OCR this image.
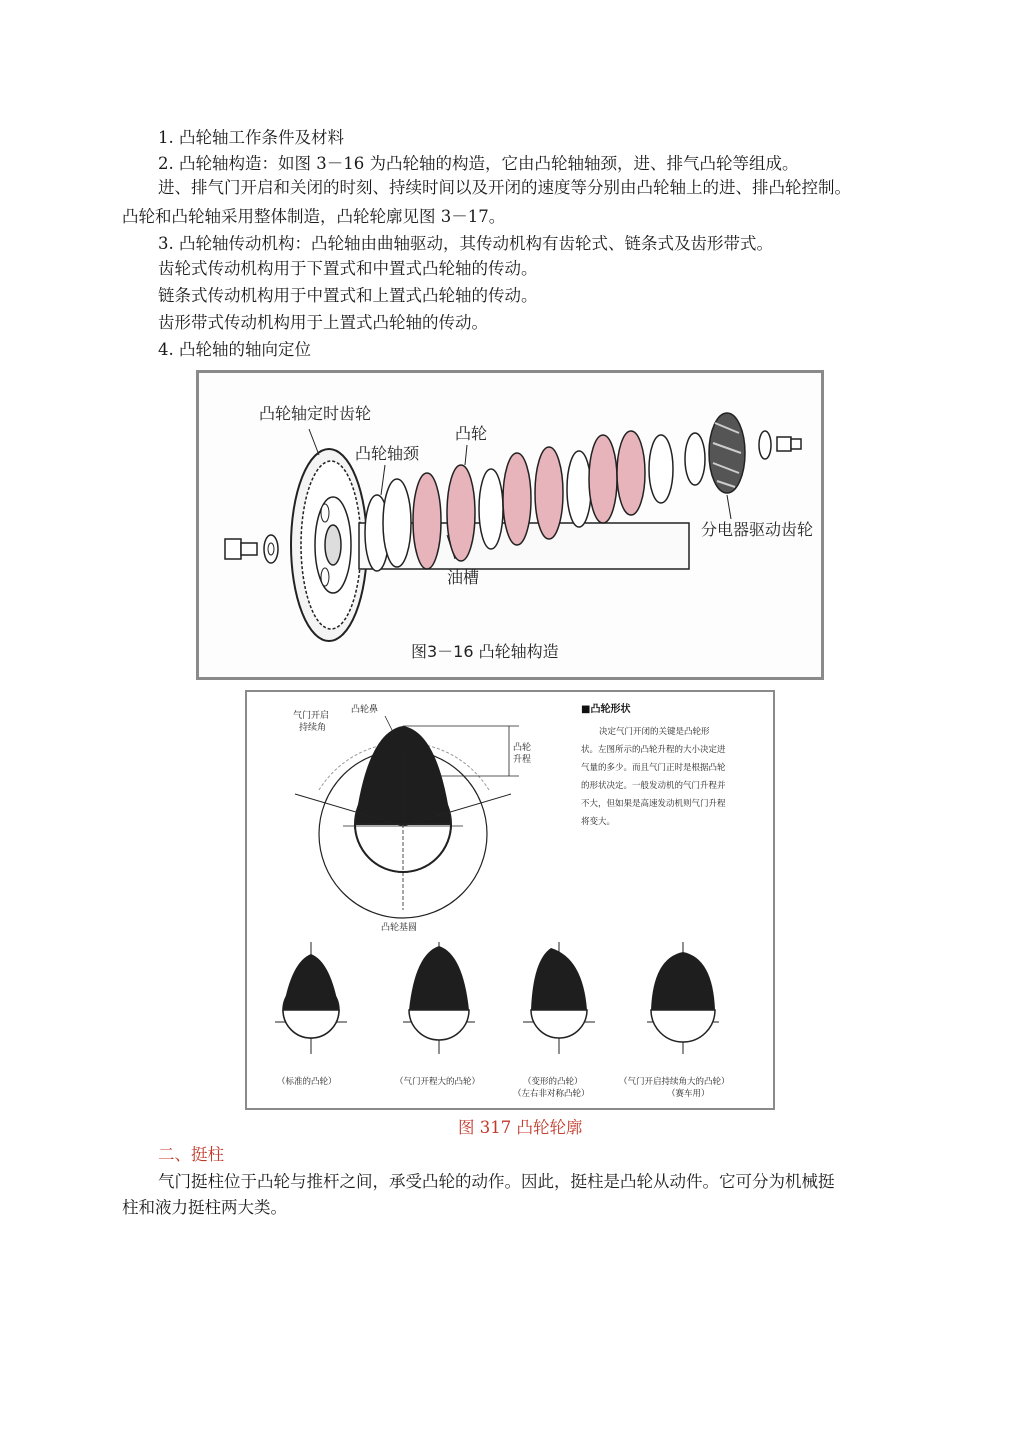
1. 凸轮轴工作条件及材料
2. 凸轮轴构造：如图 3－16 为凸轮轴的构造，它由凸轮轴轴颈，进、排气凸轮等组成。
进、排气门开启和关闭的时刻、持续时间以及开闭的速度等分别由凸轮轴上的进、排凸轮控制。
凸轮和凸轮轴采用整体制造，凸轮轮廓见图 3－17。
3. 凸轮轴传动机构：凸轮轴由曲轴驱动，其传动机构有齿轮式、链条式及齿形带式。
齿轮式传动机构用于下置式和中置式凸轮轴的传动。
链条式传动机构用于中置式和上置式凸轮轴的传动。
齿形带式传动机构用于上置式凸轮轴的传动。
4. 凸轮轴的轴向定位
凸轮轴定时齿轮
凸轮轴颈
凸轮
油槽
分电器驱动齿轮
图3－16 凸轮轴构造
气门开启
持续角
凸轮鼻
凸轮
升程
凸轮基圆
■凸轮形状
决定气门开闭的关键是凸轮形
状。左图所示的凸轮升程的大小决定进
气量的多少。而且气门正时是根据凸轮
的形状决定。一般发动机的气门升程并
不大，但如果是高速发动机则气门升程
将变大。
（标准的凸轮）	（气门开程大的凸轮）	（变形的凸轮）
（左右非对称凸轮）
（气门开启持续角大的凸轮）
（赛车用）
图 317 凸轮轮廓
二、挺柱
气门挺柱位于凸轮与推杆之间，承受凸轮的动作。因此，挺柱是凸轮从动件。它可分为机械挺
柱和液力挺柱两大类。
